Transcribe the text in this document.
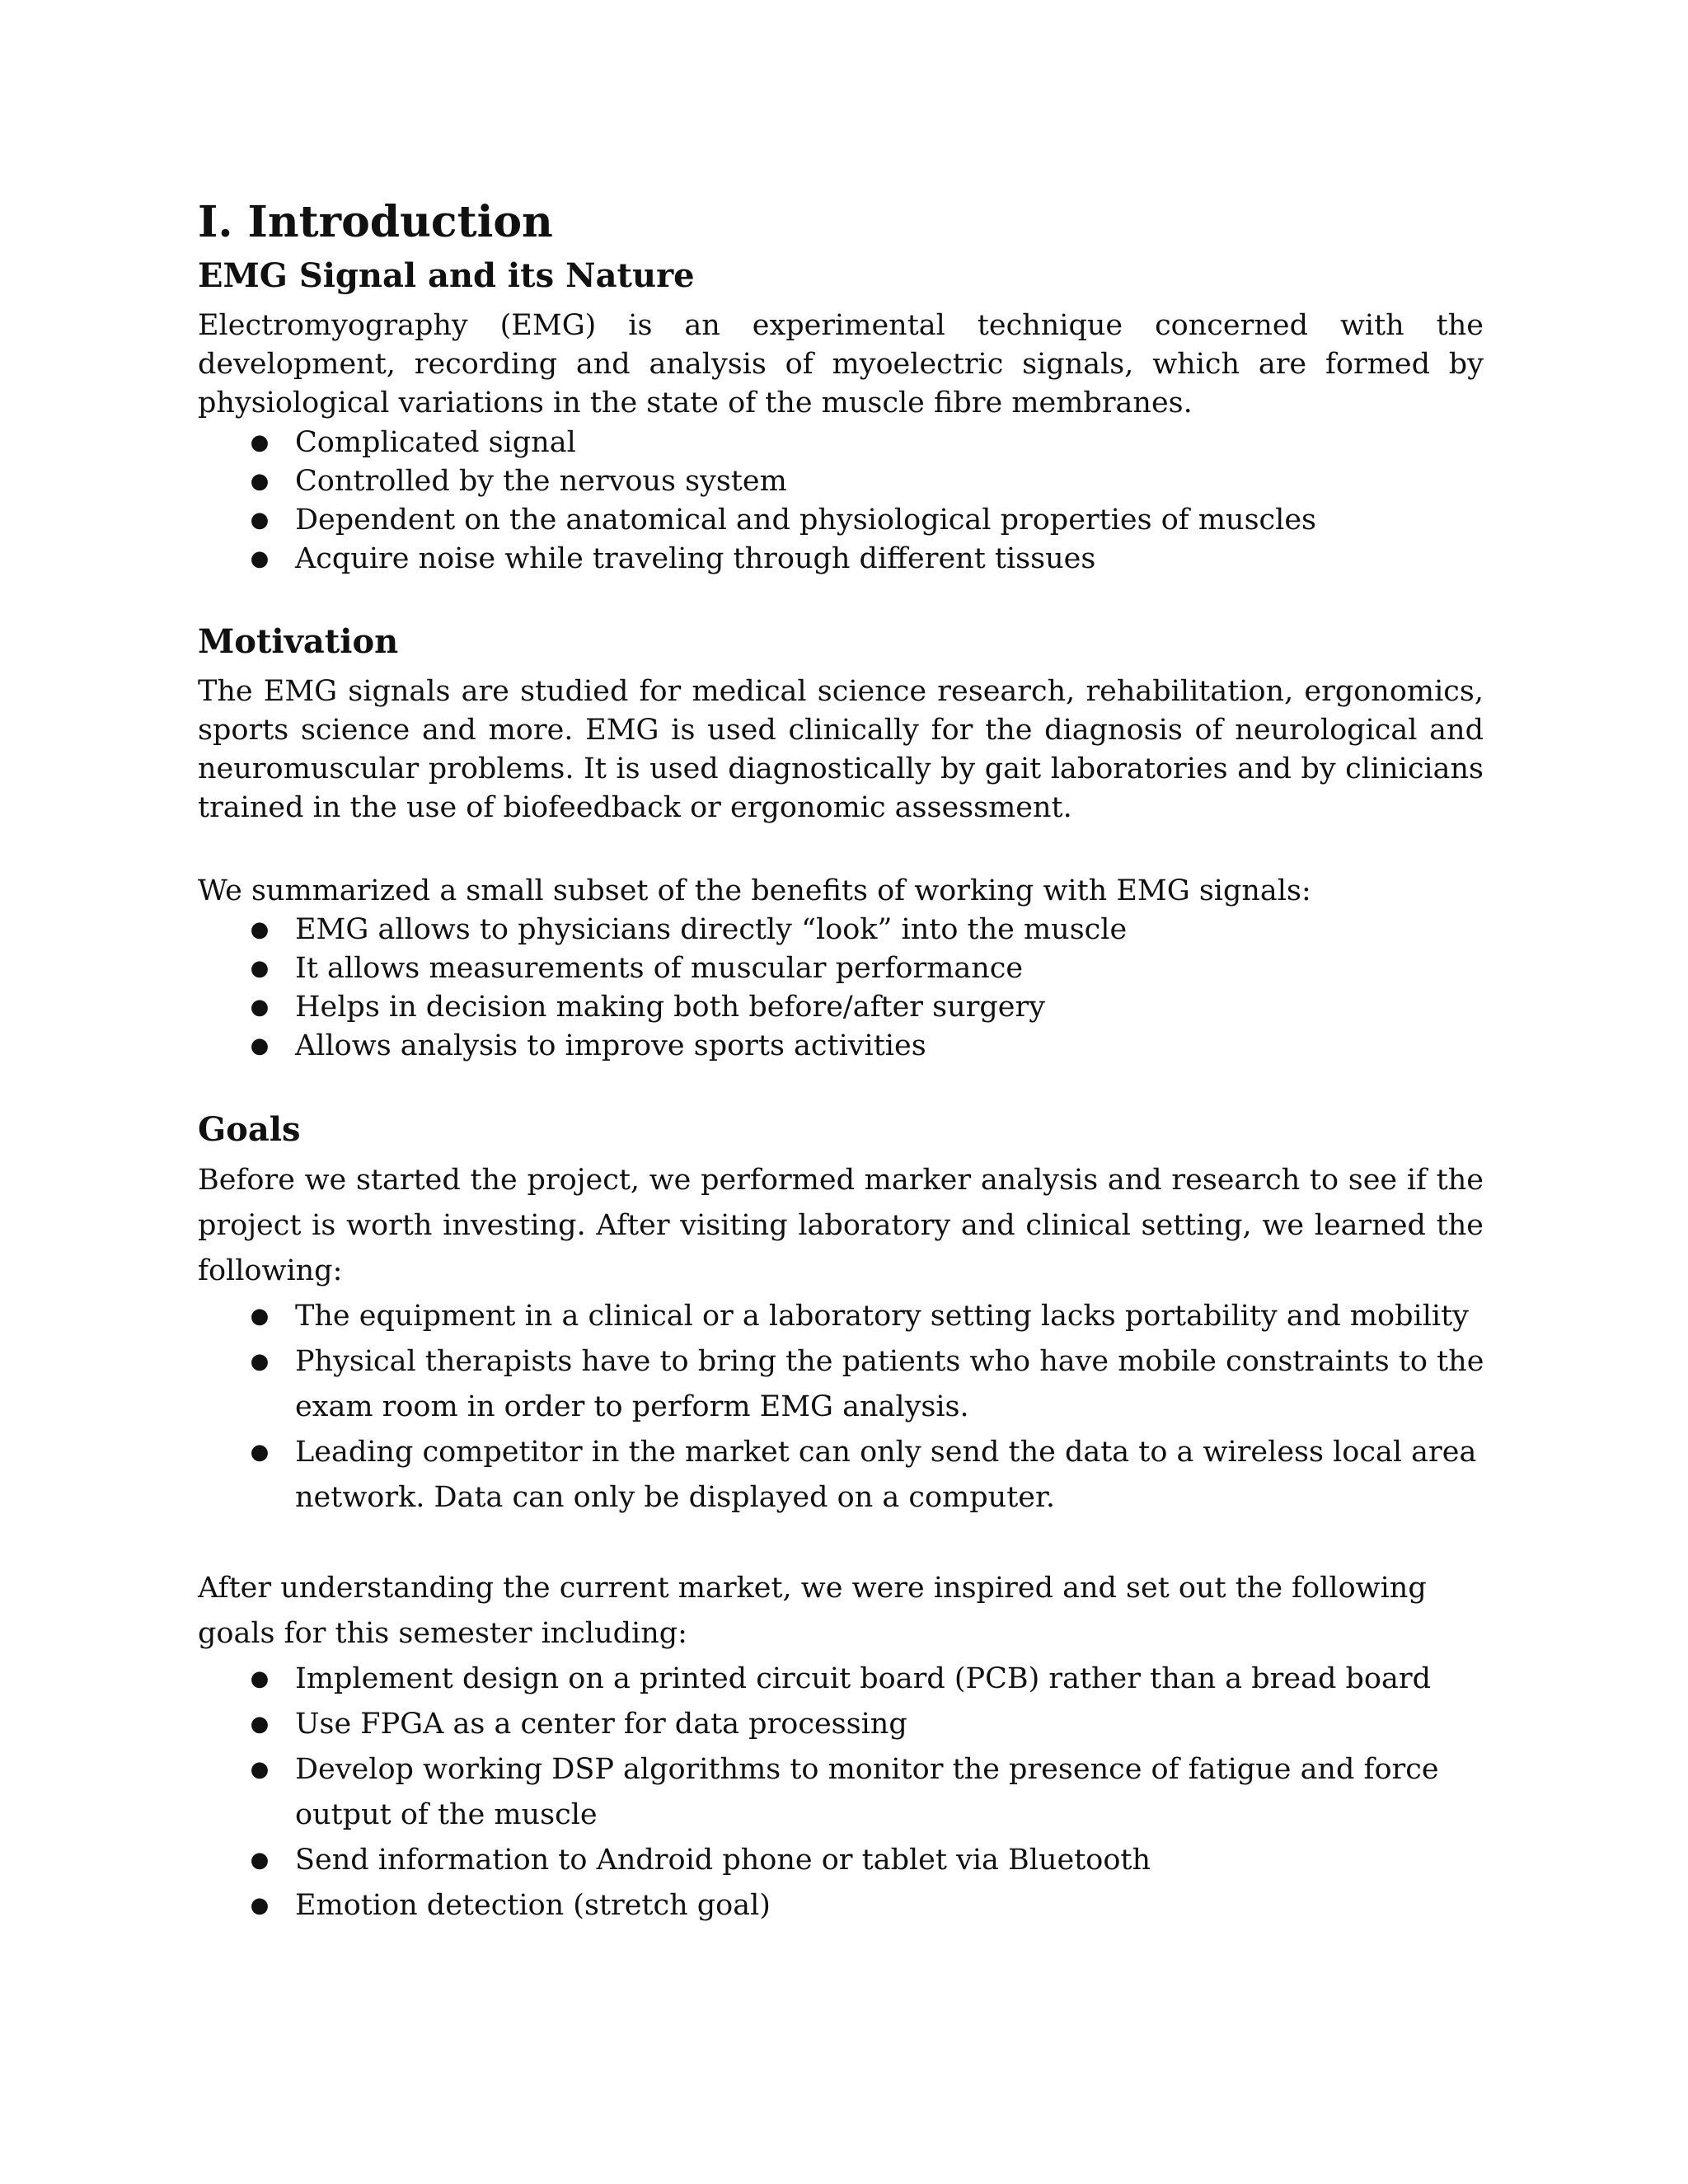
I. Introduction
EMG Signal and its Nature

Electromyography (EMG) is an experimental technique concerned with the development, recording and analysis of myoelectric signals, which are formed by physiological variations in the state of the muscle fibre membranes.

● Complicated signal
● Controlled by the nervous system
● Dependent on the anatomical and physiological properties of muscles
● Acquire noise while traveling through different tissues
Motivation

The EMG signals are studied for medical science research, rehabilitation, ergonomics, sports science and more. EMG is used clinically for the diagnosis of neurological and neuromuscular problems. It is used diagnostically by gait laboratories and by clinicians trained in the use of biofeedback or ergonomic assessment.

We summarized a small subset of the benefits of working with EMG signals:

● EMG allows to physicians directly “look” into the muscle
● It allows measurements of muscular performance
● Helps in decision making both before/after surgery
● Allows analysis to improve sports activities
Goals

Before we started the project, we performed marker analysis and research to see if the project is worth investing. After visiting laboratory and clinical setting, we learned the following:

● The equipment in a clinical or a laboratory setting lacks portability and mobility
● Physical therapists have to bring the patients who have mobile constraints to the exam room in order to perform EMG analysis.
● Leading competitor in the market can only send the data to a wireless local area network. Data can only be displayed on a computer.

After understanding the current market, we were inspired and set out the following

goals for this semester including:

● Implement design on a printed circuit board (PCB) rather than a bread board
● Use FPGA as a center for data processing
● Develop working DSP algorithms to monitor the presence of fatigue and force output of the muscle
● Send information to Android phone or tablet via Bluetooth
● Emotion detection (stretch goal)
